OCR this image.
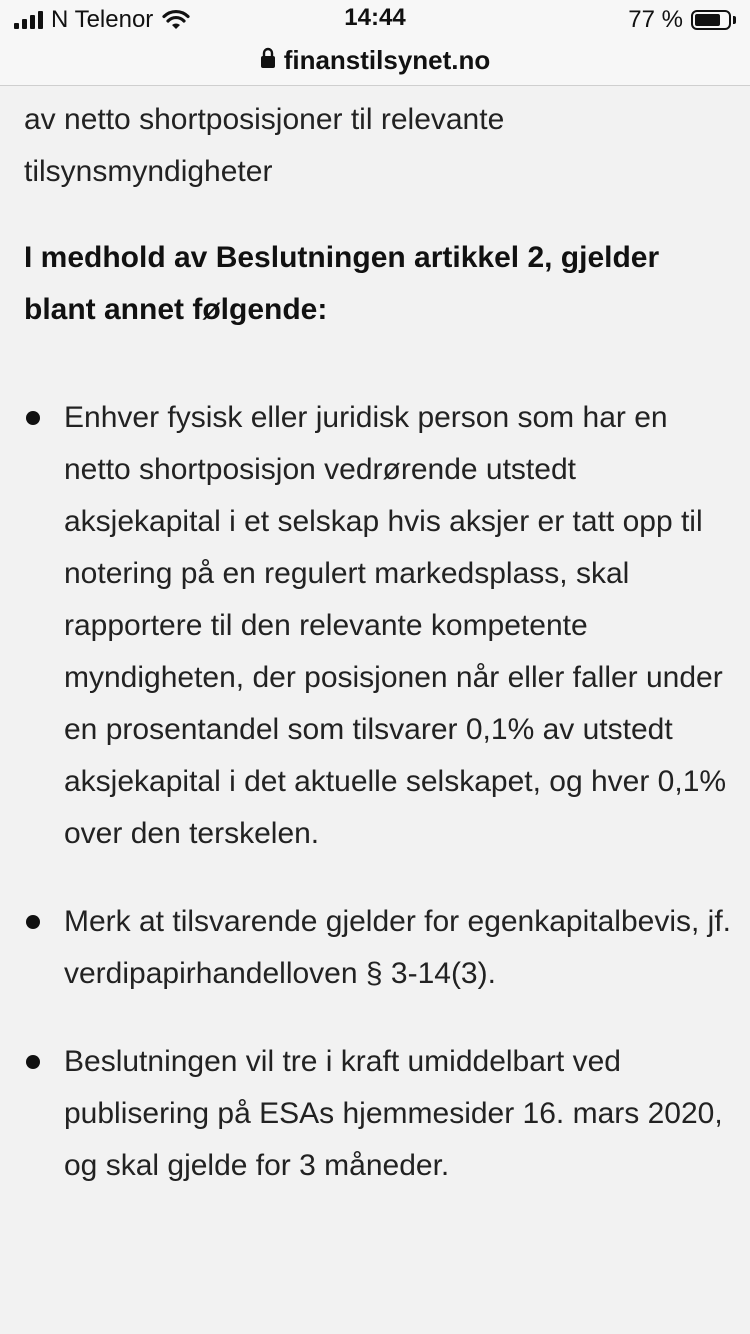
N Telenor	14:44	77 %
finanstilsynet.no

av netto shortposisjoner til relevante tilsynsmyndigheter

I medhold av Beslutningen artikkel 2, gjelder blant annet følgende:
Enhver fysisk eller juridisk person som har en netto shortposisjon vedrørende utstedt aksjekapital i et selskap hvis aksjer er tatt opp til notering på en regulert markedsplass, skal rapportere til den relevante kompetente myndigheten, der posisjonen når eller faller under en prosentandel som tilsvarer 0,1% av utstedt aksjekapital i det aktuelle selskapet, og hver 0,1% over den terskelen.
Merk at tilsvarende gjelder for egenkapitalbevis, jf. verdipapirhandelloven § 3-14(3).
Beslutningen vil tre i kraft umiddelbart ved publisering på ESAs hjemmesider 16. mars 2020, og skal gjelde for 3 måneder.
